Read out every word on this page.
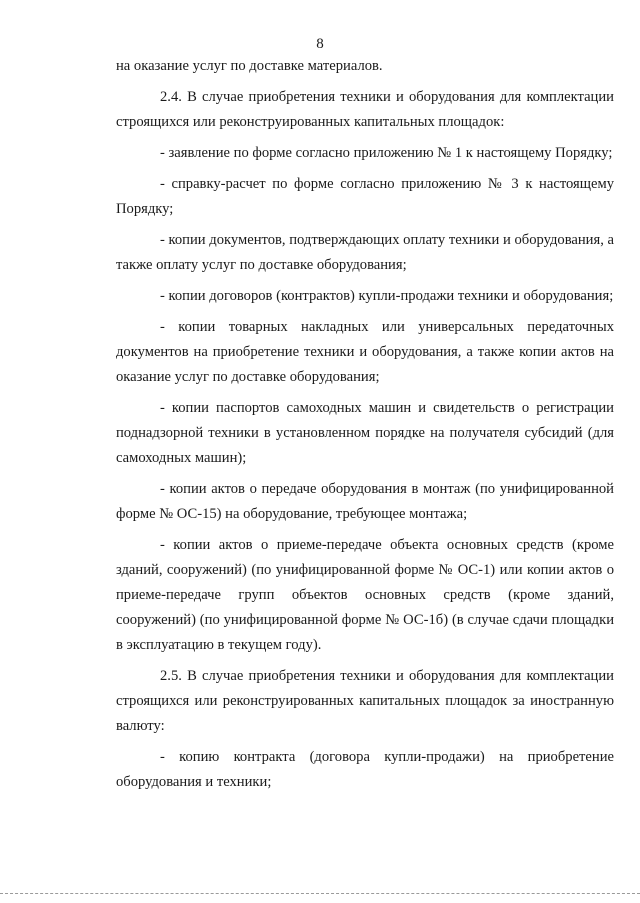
8

на оказание услуг по доставке материалов.

2.4. В случае приобретения техники и оборудования для комплектации строящихся или реконструированных капитальных площадок:

- заявление по форме согласно приложению № 1 к настоящему Порядку;

- справку-расчет по форме согласно приложению № 3 к настоящему Порядку;

- копии документов, подтверждающих оплату техники и оборудования, а также оплату услуг по доставке оборудования;

- копии договоров (контрактов) купли-продажи техники и оборудования;

- копии товарных накладных или универсальных передаточных документов на приобретение техники и оборудования, а также копии актов на оказание услуг по доставке оборудования;

- копии паспортов самоходных машин и свидетельств о регистрации поднадзорной техники в установленном порядке на получателя субсидий (для самоходных машин);

- копии актов о передаче оборудования в монтаж (по унифицированной форме № ОС-15) на оборудование, требующее монтажа;

- копии актов о приеме-передаче объекта основных средств (кроме зданий, сооружений) (по унифицированной форме № ОС-1) или копии актов о приеме-передаче групп объектов основных средств (кроме зданий, сооружений) (по унифицированной форме № ОС-1б) (в случае сдачи площадки в эксплуатацию в текущем году).

2.5. В случае приобретения техники и оборудования для комплектации строящихся или реконструированных капитальных площадок за иностранную валюту:

- копию контракта (договора купли-продажи) на приобретение оборудования и техники;
